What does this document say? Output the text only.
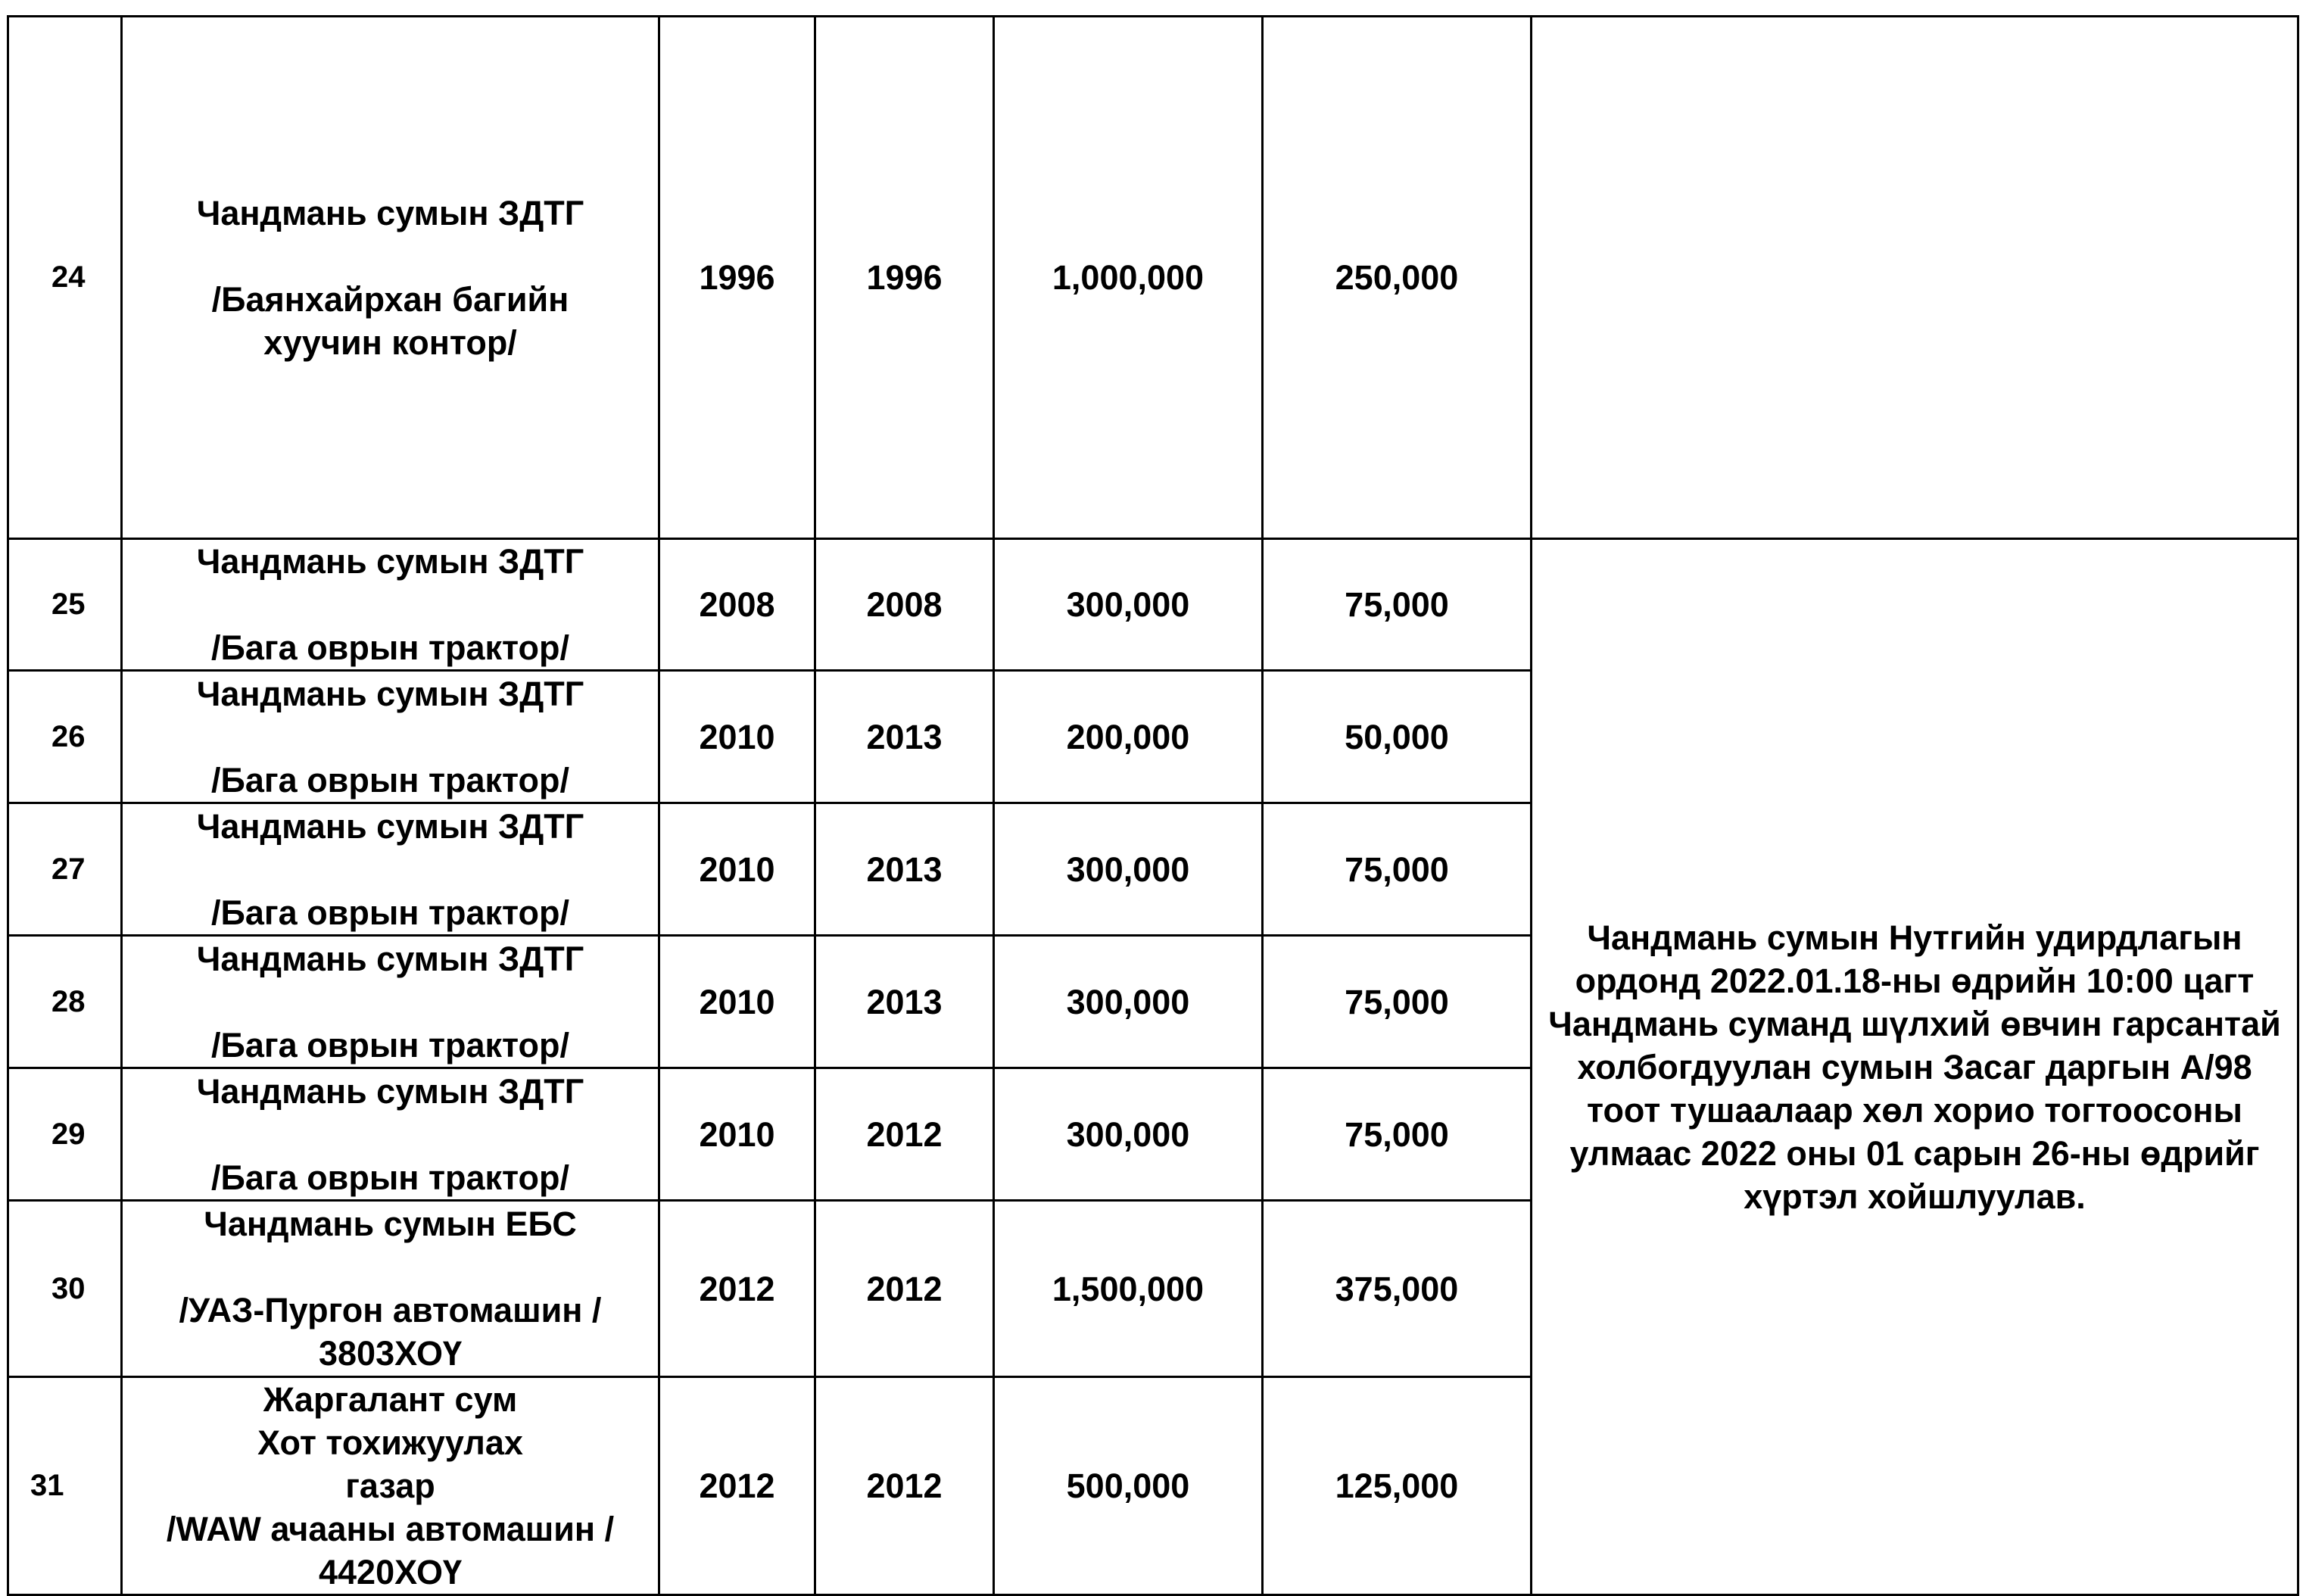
24	Чандмань сумын ЗДТГ
/Баянхайрхан багийн хуучин контор/	1996	1996	1,000,000	250,000	
25	Чандмань сумын ЗДТГ
/Бага оврын трактор/	2008	2008	300,000	75,000	Чандмань сумын Нутгийн удирдлагын ордонд 2022.01.18-ны өдрийн 10:00 цагт Чандмань суманд шүлхий өвчин гарсантай холбогдуулан сумын Засаг даргын А/98 тоот тушаалаар хөл хорио тогтоосоны улмаас 2022 оны 01 сарын 26-ны өдрийг хүртэл хойшлуулав.
26	Чандмань сумын ЗДТГ
/Бага оврын трактор/	2010	2013	200,000	50,000	
27	Чандмань сумын ЗДТГ
/Бага оврын трактор/	2010	2013	300,000	75,000	
28	Чандмань сумын ЗДТГ
/Бага оврын трактор/	2010	2013	300,000	75,000	
29	Чандмань сумын ЗДТГ
/Бага оврын трактор/	2010	2012	300,000	75,000	
30	Чандмань сумын ЕБС
/УАЗ-Пургон автомашин / 3803ХОҮ	2012	2012	1,500,000	375,000	
31	Жаргалант сум Хот тохижуулах газар
/WAW ачааны автомашин / 4420ХОҮ	2012	2012	500,000	125,000	
